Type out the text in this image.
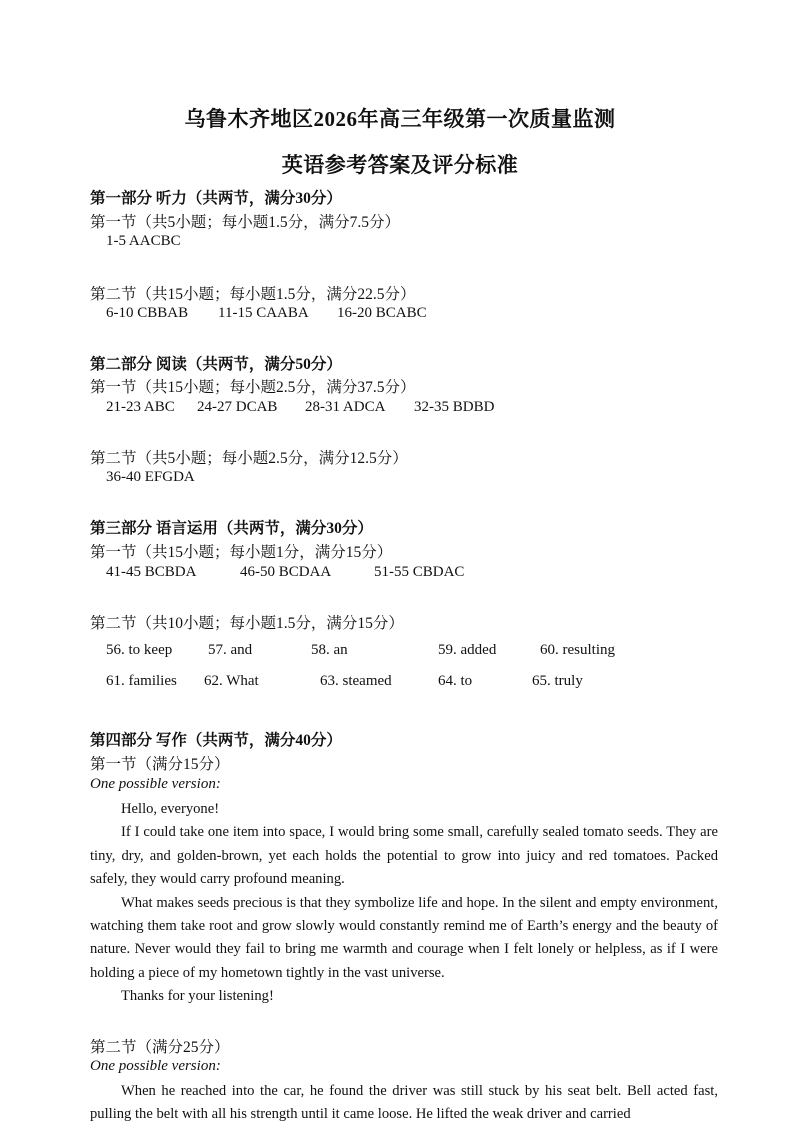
乌鲁木齐地区2026年高三年级第一次质量监测
英语参考答案及评分标准
第一部分 听力（共两节，满分30分）
第一节（共5小题；每小题1.5分，满分7.5分）
1-5 AACBC
第二节（共15小题；每小题1.5分，满分22.5分）
6-10 CBBAB 11-15 CAABA 16-20 BCABC
第二部分 阅读（共两节，满分50分）
第一节（共15小题；每小题2.5分，满分37.5分）
21-23 ABC 24-27 DCAB 28-31 ADCA 32-35 BDBD
第二节（共5小题；每小题2.5分，满分12.5分）
36-40 EFGDA
第三部分 语言运用（共两节，满分30分）
第一节（共15小题；每小题1分，满分15分）
41-45 BCBDA	46-50 BCDAA	51-55 CBDAC
第二节（共10小题；每小题1.5分，满分15分）
56. to keep 57. and	58. an	59. added	60. resulting
61. families 62. What	63. steamed	64. to	65. truly
第四部分 写作（共两节，满分40分）
第一节（满分15分）
One possible version:

Hello, everyone!

If I could take one item into space, I would bring some small, carefully sealed tomato seeds. They are tiny, dry, and golden-brown, yet each holds the potential to grow into juicy and red tomatoes. Packed safely, they would carry profound meaning.

What makes seeds precious is that they symbolize life and hope. In the silent and empty environment, watching them take root and grow slowly would constantly remind me of Earth’s energy and the beauty of nature. Never would they fail to bring me warmth and courage when I felt lonely or helpless, as if I were holding a piece of my hometown tightly in the vast universe.

Thanks for your listening!

第二节（满分25分）
One possible version:

When he reached into the car, he found the driver was still stuck by his seat belt. Bell acted fast, pulling the belt with all his strength until it came loose. He lifted the weak driver and carried
